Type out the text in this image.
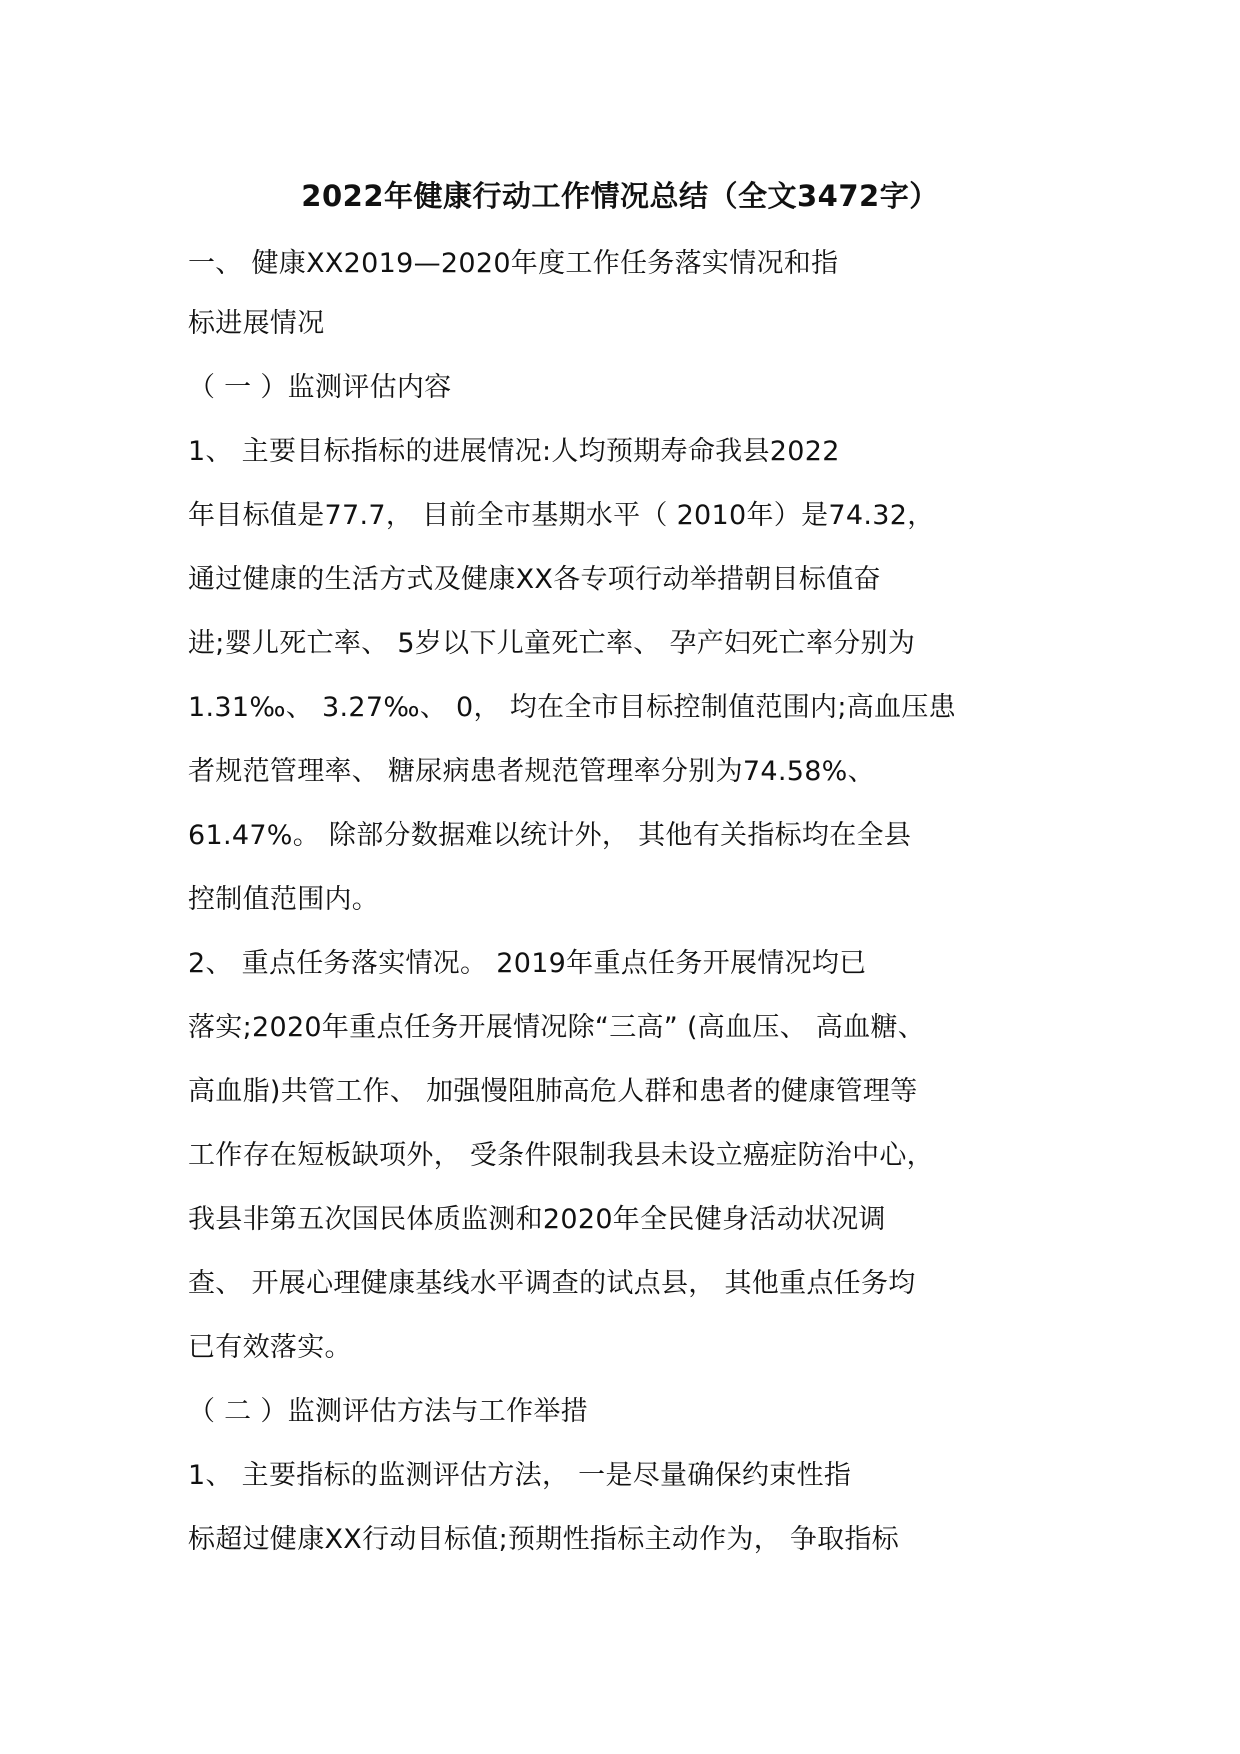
2022年健康行动工作情况总结（全文3472字）
一、 健康XX2019—2020年度工作任务落实情况和指
标进展情况
（ 一 ）监测评估内容
1、 主要目标指标的进展情况:人均预期寿命我县2022
年目标值是77.7， 目前全市基期水平（ 2010年）是74.32，
通过健康的生活方式及健康XX各专项行动举措朝目标值奋
进;婴儿死亡率、 5岁以下儿童死亡率、 孕产妇死亡率分别为
1.31‰、 3.27‰、 0， 均在全市目标控制值范围内;高血压患
者规范管理率、 糖尿病患者规范管理率分别为74.58%、
61.47%。 除部分数据难以统计外， 其他有关指标均在全县
控制值范围内。
2、 重点任务落实情况。 2019年重点任务开展情况均已
落实;2020年重点任务开展情况除“三高” (高血压、 高血糖、
高血脂)共管工作、 加强慢阻肺高危人群和患者的健康管理等
工作存在短板缺项外， 受条件限制我县未设立癌症防治中心，
我县非第五次国民体质监测和2020年全民健身活动状况调
查、 开展心理健康基线水平调查的试点县， 其他重点任务均
已有效落实。
（ 二 ）监测评估方法与工作举措
1、 主要指标的监测评估方法， 一是尽量确保约束性指
标超过健康XX行动目标值;预期性指标主动作为， 争取指标
